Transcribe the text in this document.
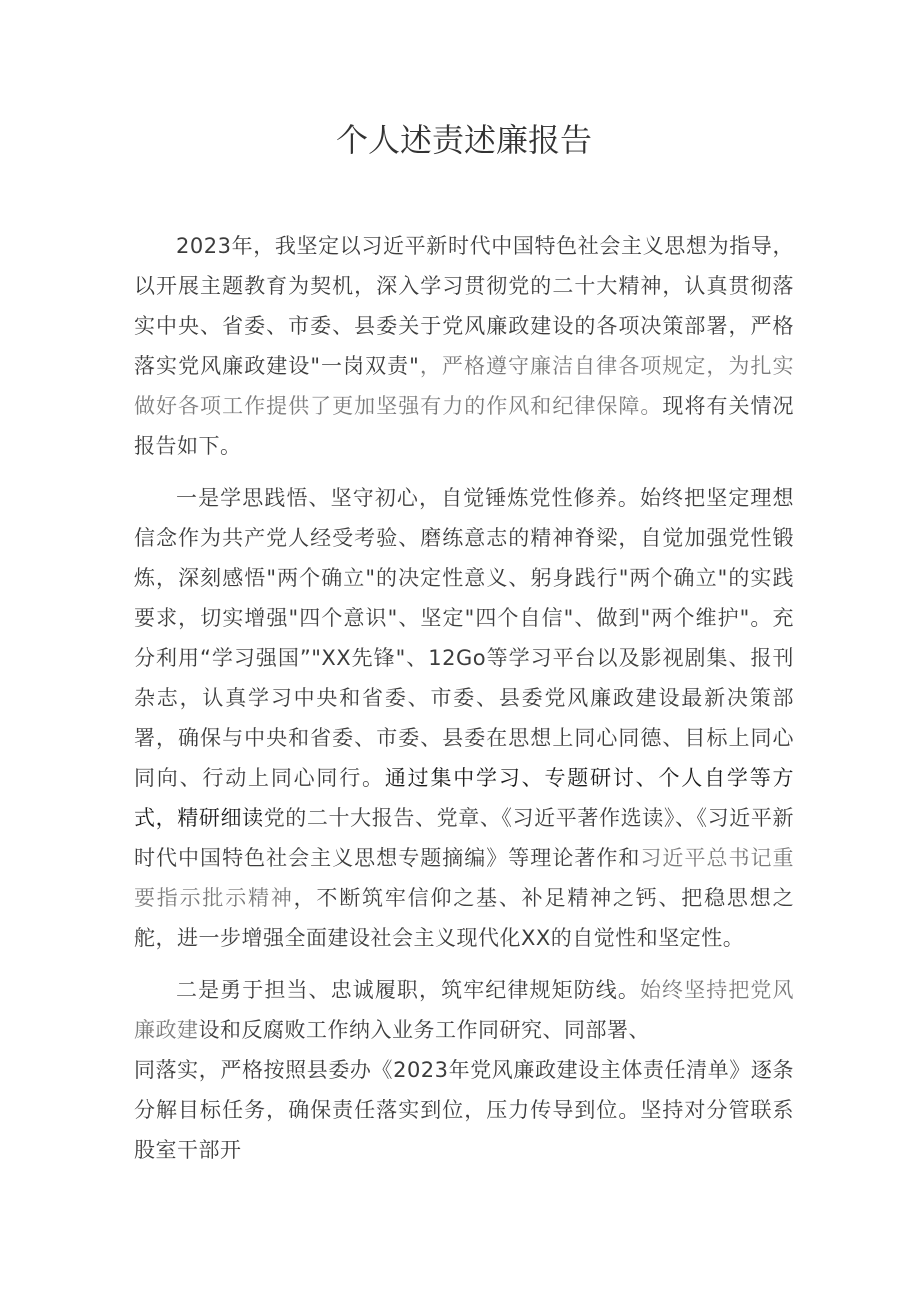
个人述责述廉报告

2023年，我坚定以习近平新时代中国特色社会主义思想为指导，以开展主题教育为契机，深入学习贯彻党的二十大精神，认真贯彻落实中央、省委、市委、县委关于党风廉政建设的各项决策部署，严格落实党风廉政建设"一岗双责"，严格遵守廉洁自律各项规定，为扎实做好各项工作提供了更加坚强有力的作风和纪律保障。现将有关情况报告如下。

一是学思践悟、坚守初心，自觉锤炼党性修养。始终把坚定理想信念作为共产党人经受考验、磨练意志的精神脊梁，自觉加强党性锻炼，深刻感悟"两个确立"的决定性意义、躬身践行"两个确立"的实践要求，切实增强"四个意识"、坚定"四个自信"、做到"两个维护"。充分利用“学习强国”"XX先锋"、12Go等学习平台以及影视剧集、报刊杂志，认真学习中央和省委、市委、县委党风廉政建设最新决策部署，确保与中央和省委、市委、县委在思想上同心同德、目标上同心同向、行动上同心同行。通过集中学习、专题研讨、个人自学等方式，精研细读党的二十大报告、党章、《习近平著作选读》、《习近平新时代中国特色社会主义思想专题摘编》等理论著作和习近平总书记重要指示批示精神，不断筑牢信仰之基、补足精神之钙、把稳思想之舵，进一步增强全面建设社会主义现代化XX的自觉性和坚定性。

二是勇于担当、忠诚履职，筑牢纪律规矩防线。始终坚持把党风廉政建设和反腐败工作纳入业务工作同研究、同部署、

同落实，严格按照县委办《2023年党风廉政建设主体责任清单》逐条分解目标任务，确保责任落实到位，压力传导到位。坚持对分管联系股室干部开
